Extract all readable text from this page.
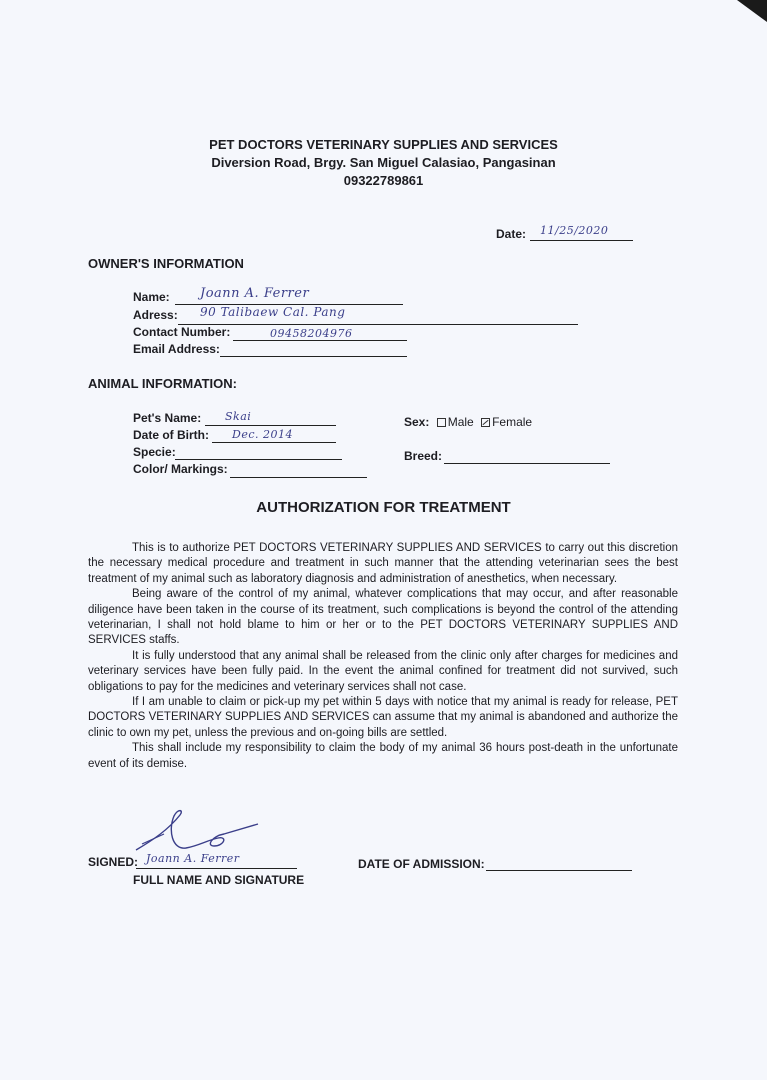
PET DOCTORS VETERINARY SUPPLIES AND SERVICES
Diversion Road, Brgy. San Miguel Calasiao, Pangasinan
09322789861
Date: 11/25/2020
OWNER'S INFORMATION
Name: Joann A. Ferrer
Adress: 90 Talibaew Cal. Pang
Contact Number:	09458204976
Email Address:
ANIMAL INFORMATION:
Pet's Name: Skai
Date of Birth: Dec. 2014
Specie:
Color/ Markings:
Sex: Male Female
Breed:
AUTHORIZATION FOR TREATMENT

This is to authorize PET DOCTORS VETERINARY SUPPLIES AND SERVICES to carry out this discretion the necessary medical procedure and treatment in such manner that the attending veterinarian sees the best treatment of my animal such as laboratory diagnosis and administration of anesthetics, when necessary.

Being aware of the control of my animal, whatever complications that may occur, and after reasonable diligence have been taken in the course of its treatment, such complications is beyond the control of the attending veterinarian, I shall not hold blame to him or her or to the PET DOCTORS VETERINARY SUPPLIES AND SERVICES staffs.

It is fully understood that any animal shall be released from the clinic only after charges for medicines and veterinary services have been fully paid. In the event the animal confined for treatment did not survived, such obligations to pay for the medicines and veterinary services shall not case.

If I am unable to claim or pick-up my pet within 5 days with notice that my animal is ready for release, PET DOCTORS VETERINARY SUPPLIES AND SERVICES can assume that my animal is abandoned and authorize the clinic to own my pet, unless the previous and on-going bills are settled.

This shall include my responsibility to claim the body of my animal 36 hours post-death in the unfortunate event of its demise.

SIGNED: Joann A. Ferrer
FULL NAME AND SIGNATURE
DATE OF ADMISSION:
